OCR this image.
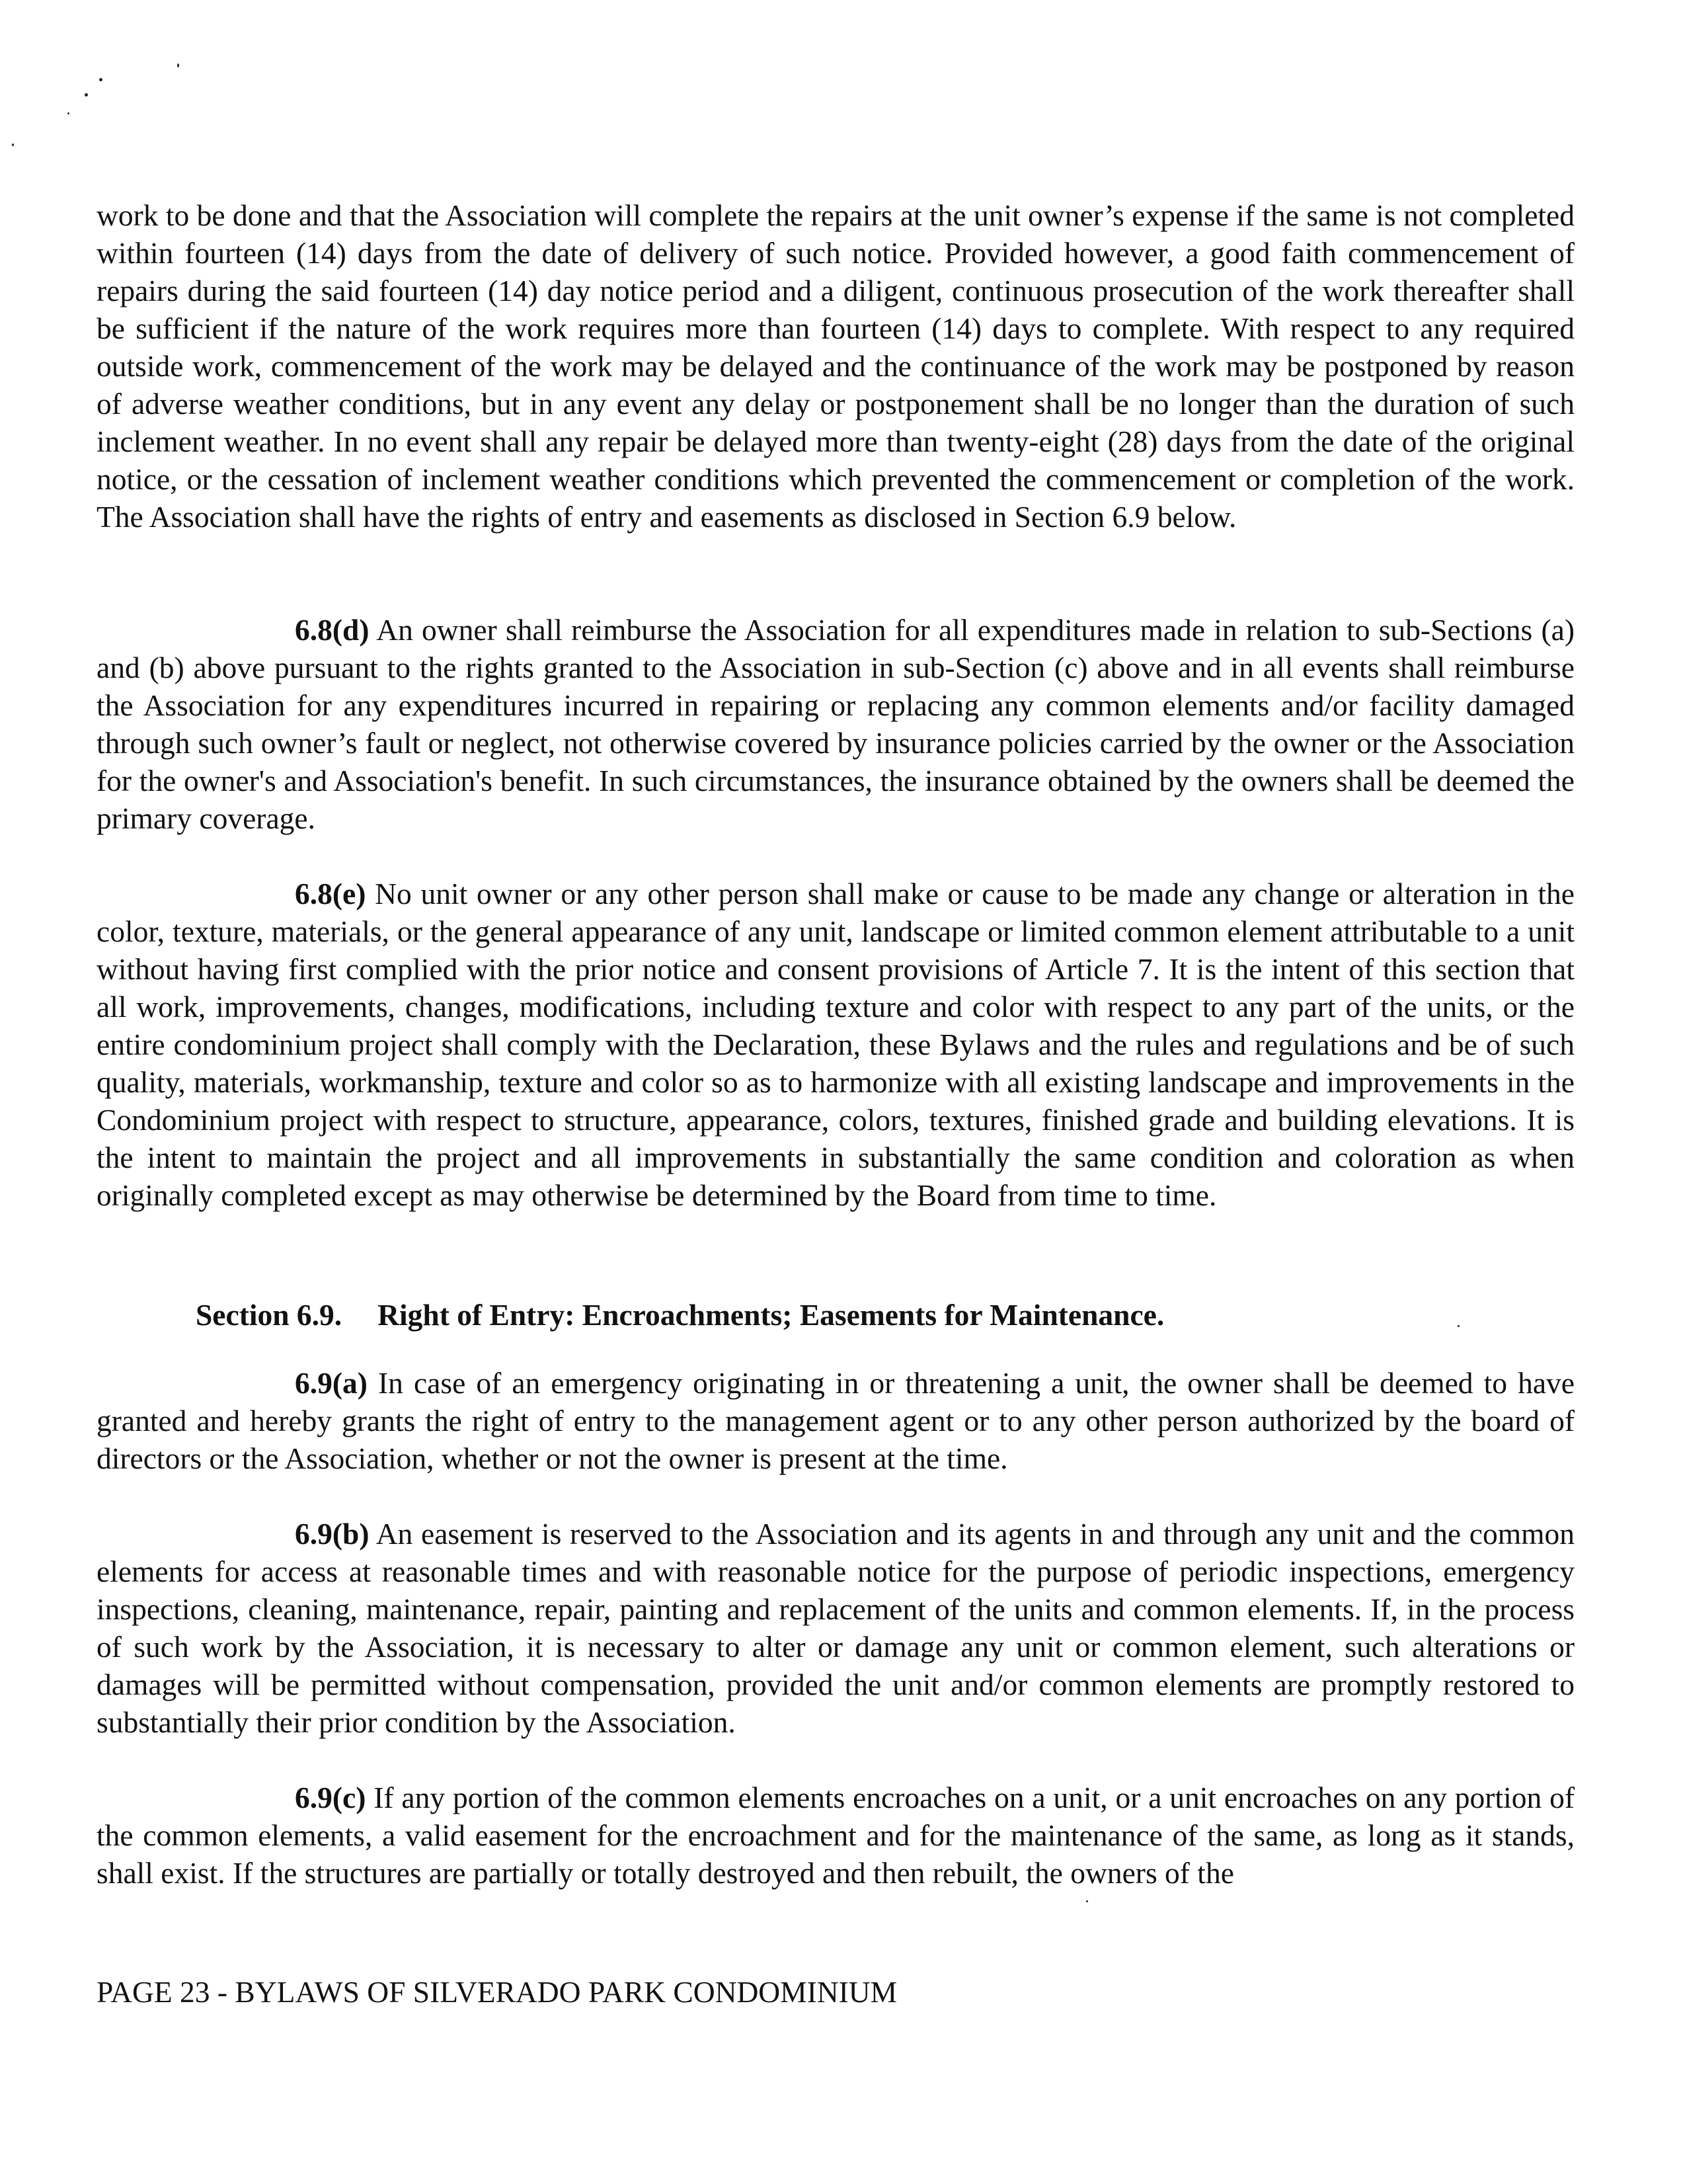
work to be done and that the Association will complete the repairs at the unit owner’s expense if the same is not completed within fourteen (14) days from the date of delivery of such notice. Provided however, a good faith commencement of repairs during the said fourteen (14) day notice period and a diligent, continuous prosecution of the work thereafter shall be sufficient if the nature of the work requires more than fourteen (14) days to complete. With respect to any required outside work, commencement of the work may be delayed and the continuance of the work may be postponed by reason of adverse weather conditions, but in any event any delay or postponement shall be no longer than the duration of such inclement weather. In no event shall any repair be delayed more than twenty-eight (28) days from the date of the original notice, or the cessation of inclement weather conditions which prevented the commencement or completion of the work. The Association shall have the rights of entry and easements as disclosed in Section 6.9 below.

6.8(d) An owner shall reimburse the Association for all expenditures made in relation to sub-Sections (a) and (b) above pursuant to the rights granted to the Association in sub-Section (c) above and in all events shall reimburse the Association for any expenditures incurred in repairing or replacing any common elements and/or facility damaged through such owner’s fault or neglect, not otherwise covered by insurance policies carried by the owner or the Association for the owner's and Association's benefit. In such circumstances, the insurance obtained by the owners shall be deemed the primary coverage.

6.8(e) No unit owner or any other person shall make or cause to be made any change or alteration in the color, texture, materials, or the general appearance of any unit, landscape or limited common element attributable to a unit without having first complied with the prior notice and consent provisions of Article 7. It is the intent of this section that all work, improvements, changes, modifications, including texture and color with respect to any part of the units, or the entire condominium project shall comply with the Declaration, these Bylaws and the rules and regulations and be of such quality, materials, workmanship, texture and color so as to harmonize with all existing landscape and improvements in the Condominium project with respect to structure, appearance, colors, textures, finished grade and building elevations. It is the intent to maintain the project and all improvements in substantially the same condition and coloration as when originally completed except as may otherwise be determined by the Board from time to time.

Section 6.9. Right of Entry: Encroachments; Easements for Maintenance.

6.9(a) In case of an emergency originating in or threatening a unit, the owner shall be deemed to have granted and hereby grants the right of entry to the management agent or to any other person authorized by the board of directors or the Association, whether or not the owner is present at the time.

6.9(b) An easement is reserved to the Association and its agents in and through any unit and the common elements for access at reasonable times and with reasonable notice for the purpose of periodic inspections, emergency inspections, cleaning, maintenance, repair, painting and replacement of the units and common elements. If, in the process of such work by the Association, it is necessary to alter or damage any unit or common element, such alterations or damages will be permitted without compensation, provided the unit and/or common elements are promptly restored to substantially their prior condition by the Association.

6.9(c) If any portion of the common elements encroaches on a unit, or a unit encroaches on any portion of the common elements, a valid easement for the encroachment and for the maintenance of the same, as long as it stands, shall exist. If the structures are partially or totally destroyed and then rebuilt, the owners of the

PAGE 23 - BYLAWS OF SILVERADO PARK CONDOMINIUM
